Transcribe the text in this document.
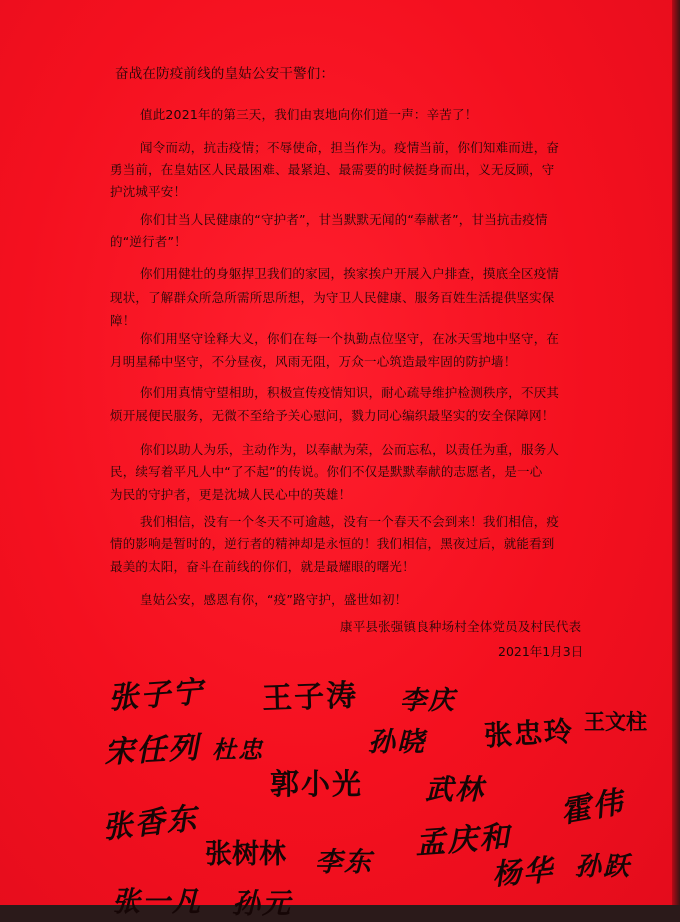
奋战在防疫前线的皇姑公安干警们：

值此2021年的第三天，我们由衷地向你们道一声：辛苦了！

闻令而动，抗击疫情；不辱使命，担当作为。疫情当前，你们知难而进，奋

勇当前，在皇姑区人民最困难、最紧迫、最需要的时候挺身而出，义无反顾，守

护沈城平安！

你们甘当人民健康的“守护者”，甘当默默无闻的“奉献者”，甘当抗击疫情

的“逆行者”！

你们用健壮的身躯捍卫我们的家园，挨家挨户开展入户排查，摸底全区疫情

现状，了解群众所急所需所思所想，为守卫人民健康、服务百姓生活提供坚实保

障！

你们用坚守诠释大义，你们在每一个执勤点位坚守，在冰天雪地中坚守，在

月明星稀中坚守，不分昼夜，风雨无阻，万众一心筑造最牢固的防护墙！

你们用真情守望相助，积极宣传疫情知识，耐心疏导维护检测秩序，不厌其

烦开展便民服务，无微不至给予关心慰问，戮力同心编织最坚实的安全保障网！

你们以助人为乐，主动作为，以奉献为荣，公而忘私，以责任为重，服务人

民，续写着平凡人中“了不起”的传说。你们不仅是默默奉献的志愿者，是一心

为民的守护者，更是沈城人民心中的英雄！

我们相信，没有一个冬天不可逾越，没有一个春天不会到来！我们相信，疫

情的影响是暂时的，逆行者的精神却是永恒的！我们相信，黑夜过后，就能看到

最美的太阳，奋斗在前线的你们，就是最耀眼的曙光！

皇姑公安，感恩有你，“疫”路守护，盛世如初！

康平县张强镇良种场村全体党员及村民代表

2021年1月3日

张子宁 王子涛 李庆
宋任列 杜忠	孙晓 张忠玲 王文柱
郭小光 武林
张香东	霍伟
张树林 李东
孟庆和
杨华 孙跃
张一凡 孙元
